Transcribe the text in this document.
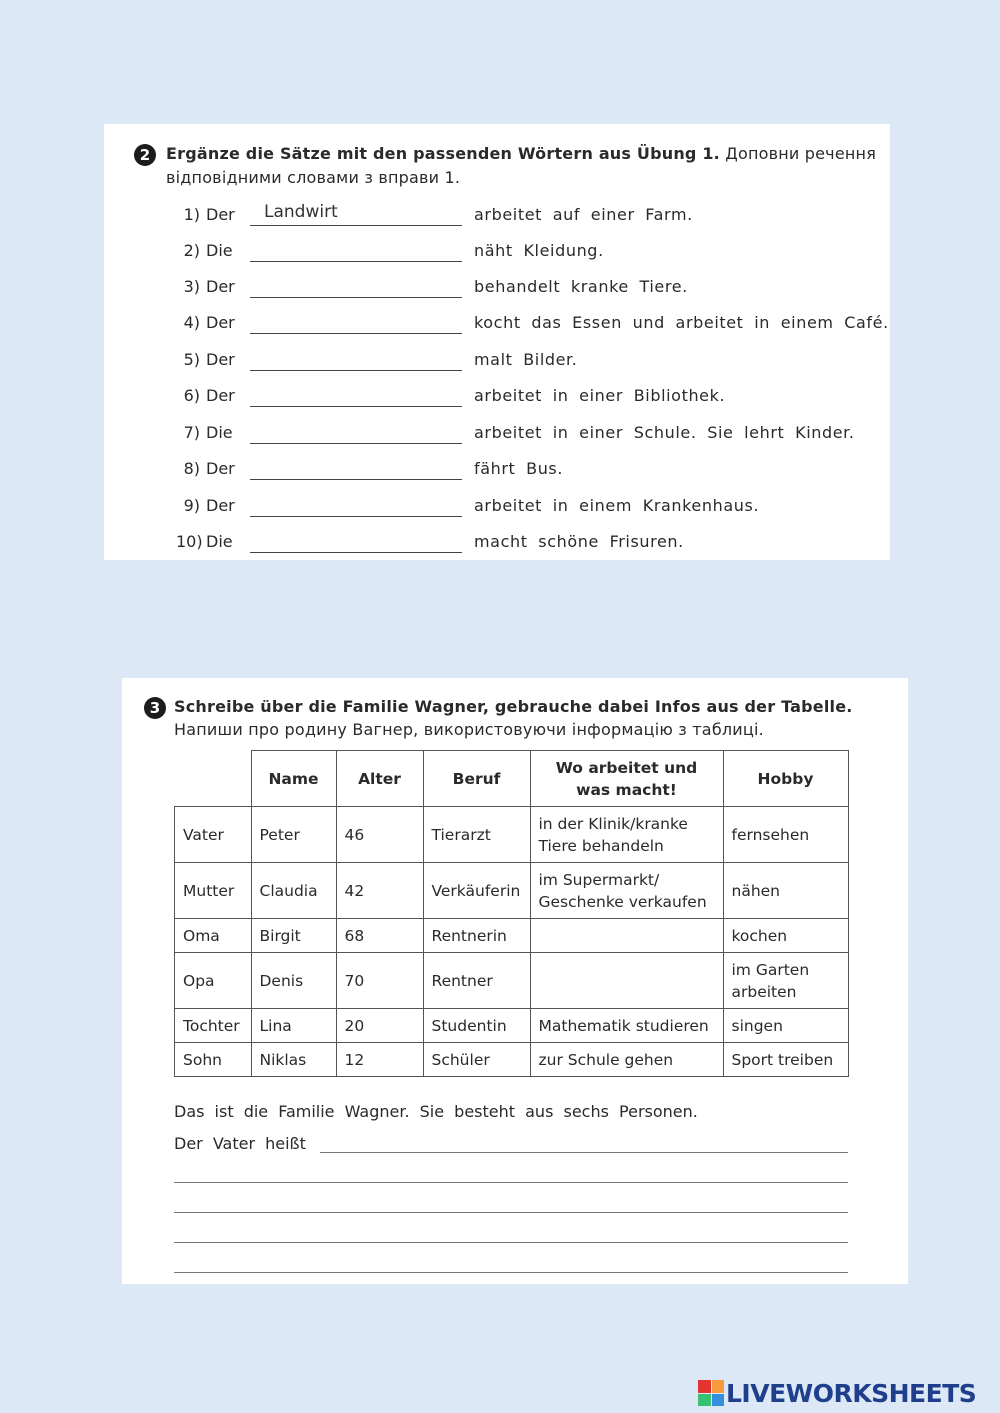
2 Ergänze die Sätze mit den passenden Wörtern aus Übung 1. Доповни речення
відповідними словами з вправи 1.
1) Der Landwirt	arbeitet auf einer Farm.
2) Die	näht Kleidung.
3) Der	behandelt kranke Tiere.
4) Der	kocht das Essen und arbeitet in einem Café.
5) Der	malt Bilder.
6) Der	arbeitet in einer Bibliothek.
7) Die	arbeitet in einer Schule. Sie lehrt Kinder.
8) Der	fährt Bus.
9) Der	arbeitet in einem Krankenhaus.
10) Die	macht schöne Frisuren.
3 Schreibe über die Familie Wagner, gebrauche dabei Infos aus der Tabelle.
Напиши про родину Вагнер, використовуючи інформацію з таблиці.
	Name	Alter	Beruf	Wo arbeitet und was macht!	Hobby
Vater	Peter	46	Tierarzt	in der Klinik/kranke Tiere behandeln	fernsehen
Mutter	Claudia	42	Verkäuferin	im Supermarkt/ Geschenke verkaufen	nähen
Oma	Birgit	68	Rentnerin		kochen
Opa	Denis	70	Rentner		im Garten arbeiten
Tochter	Lina	20	Studentin	Mathematik studieren	singen
Sohn	Niklas	12	Schüler	zur Schule gehen	Sport treiben
Das ist die Familie Wagner. Sie besteht aus sechs Personen.
Der Vater heißt
LIVEWORKSHEETS
